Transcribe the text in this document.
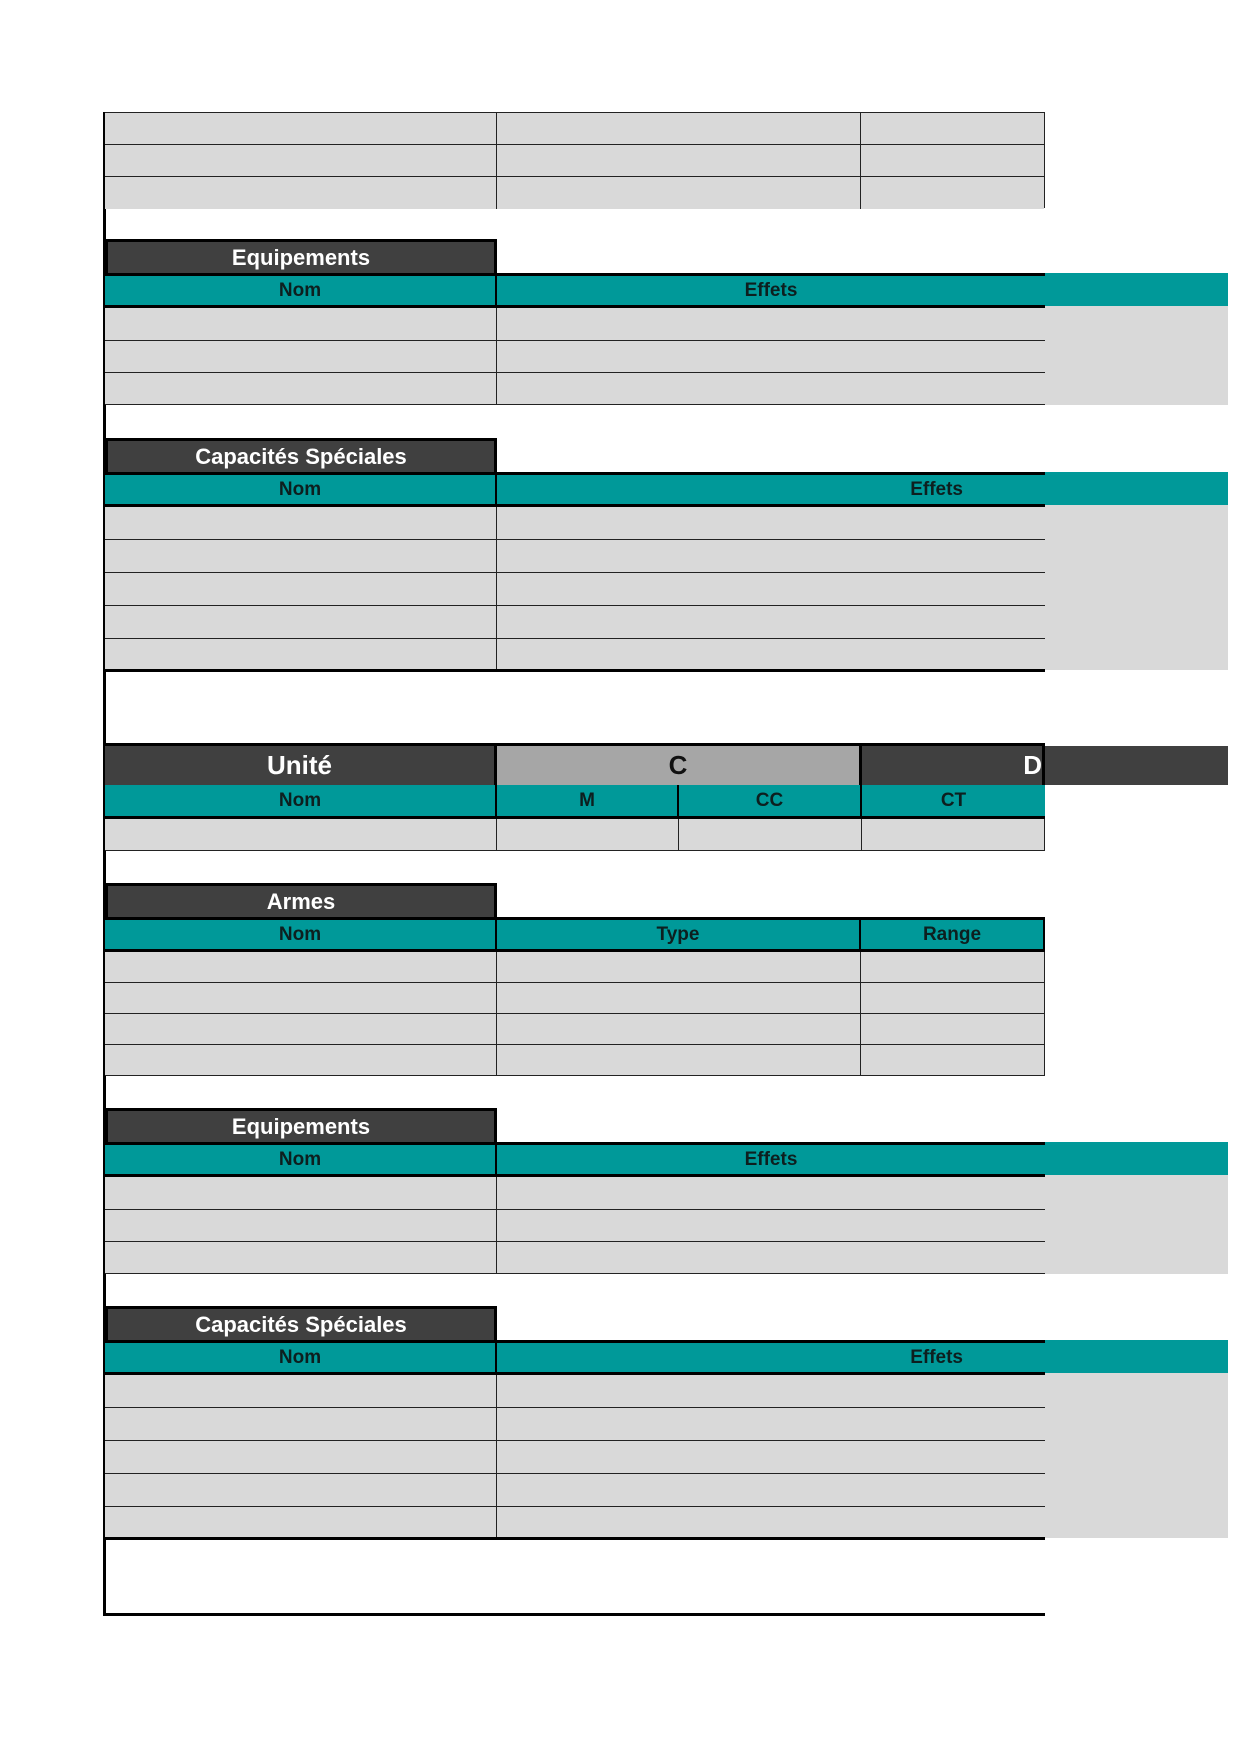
Equipements
Nom	Effets
Capacités Spéciales
Nom	Effets
Unité	C	D
Nom	M	CC	CT
Armes
Nom	Type	Range
Equipements
Nom	Effets
Capacités Spéciales
Nom	Effets
